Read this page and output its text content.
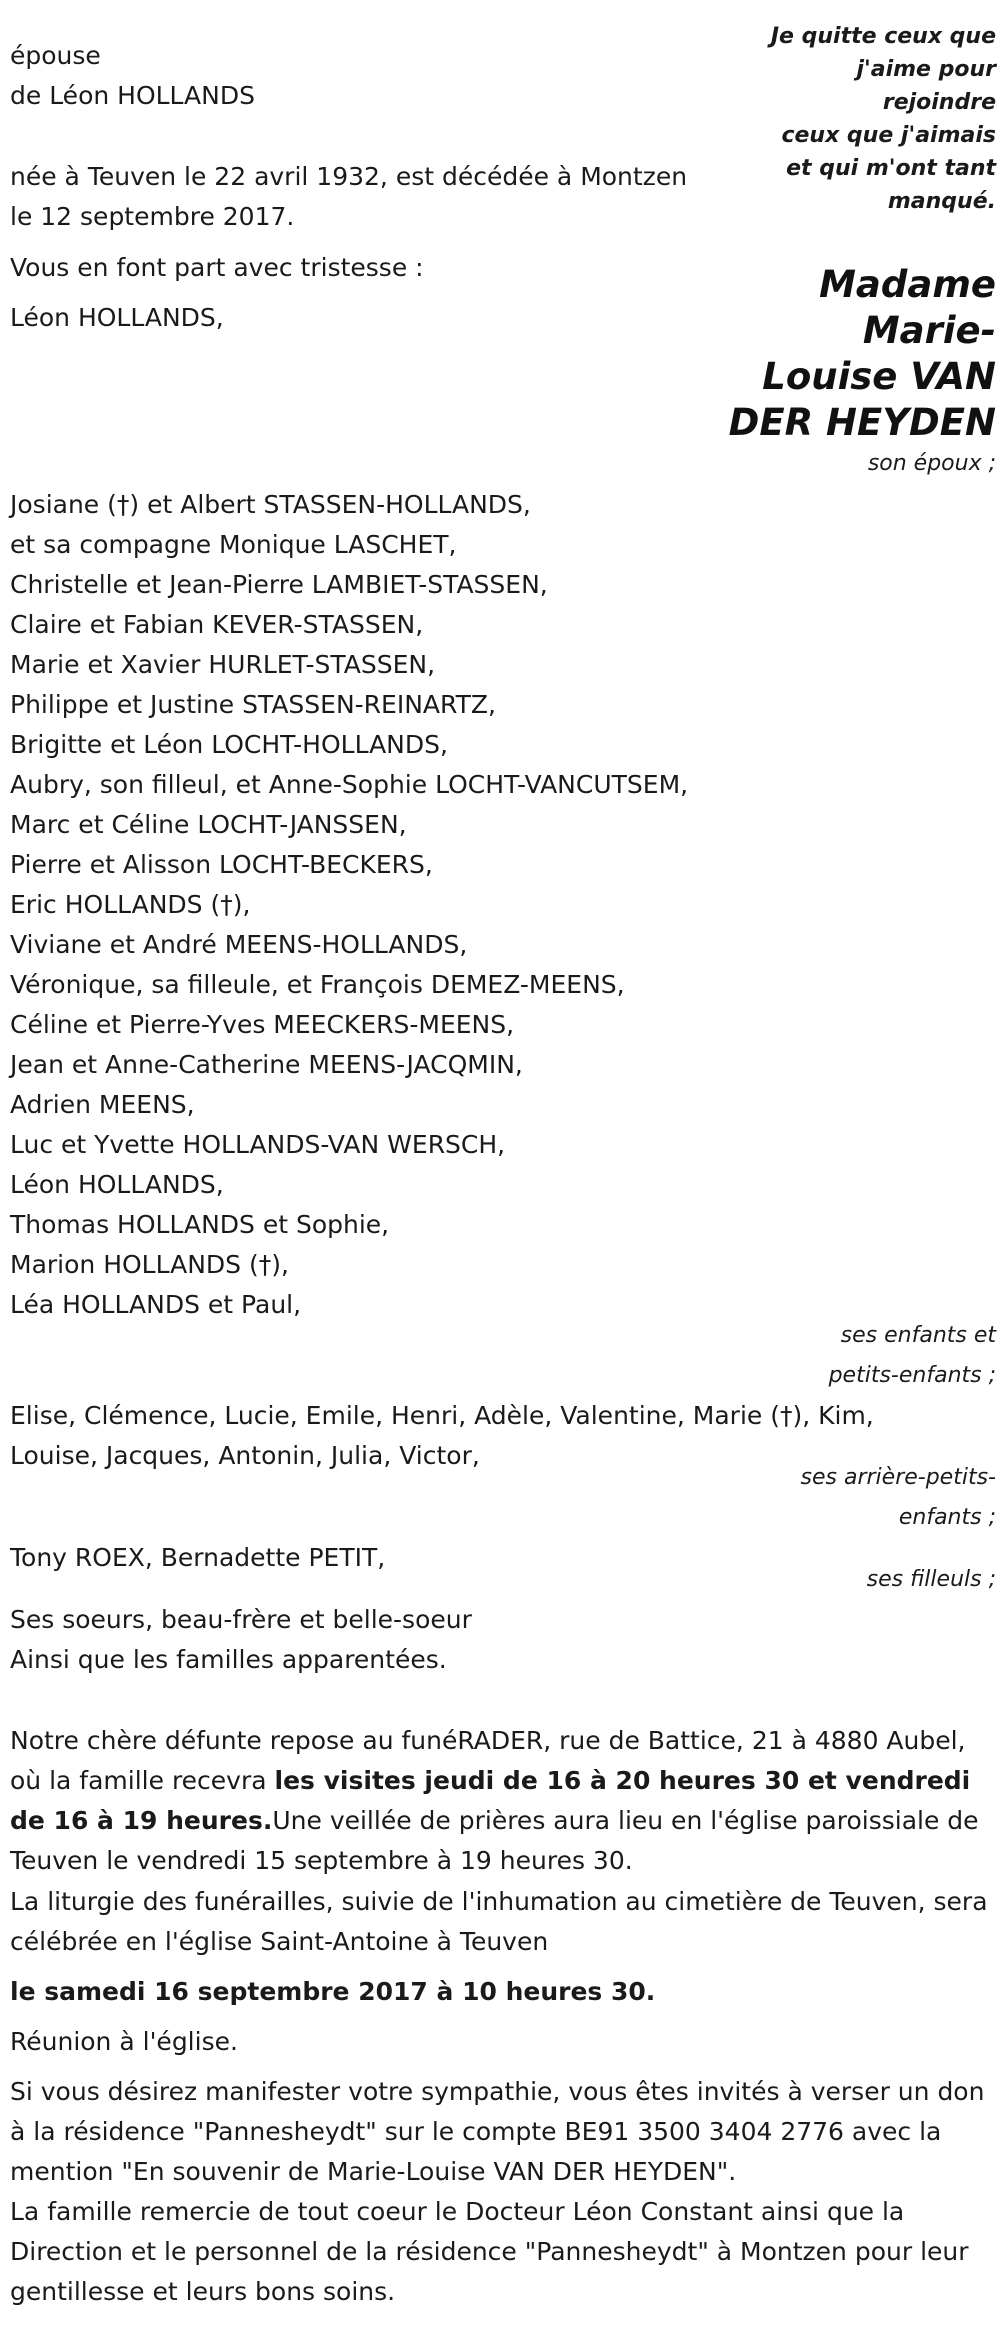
épouse

de Léon HOLLANDS

née à Teuven le 22 avril 1932, est décédée à Montzen

le 12 septembre 2017.

Vous en font part avec tristesse :

Léon HOLLANDS,

Je quitte ceux que
j'aime pour
rejoindre
ceux que j'aimais
et qui m'ont tant
manqué.
Madame
Marie-
Louise VAN
DER HEYDEN

son époux ;

Josiane (†) et Albert STASSEN-HOLLANDS,
et sa compagne Monique LASCHET,
Christelle et Jean-Pierre LAMBIET-STASSEN,
Claire et Fabian KEVER-STASSEN,
Marie et Xavier HURLET-STASSEN,
Philippe et Justine STASSEN-REINARTZ,
Brigitte et Léon LOCHT-HOLLANDS,
Aubry, son filleul, et Anne-Sophie LOCHT-VANCUTSEM,
Marc et Céline LOCHT-JANSSEN,
Pierre et Alisson LOCHT-BECKERS,
Eric HOLLANDS (†),
Viviane et André MEENS-HOLLANDS,
Véronique, sa filleule, et François DEMEZ-MEENS,
Céline et Pierre-Yves MEECKERS-MEENS,
Jean et Anne-Catherine MEENS-JACQMIN,
Adrien MEENS,
Luc et Yvette HOLLANDS-VAN WERSCH,
Léon HOLLANDS,
Thomas HOLLANDS et Sophie,
Marion HOLLANDS (†),
Léa HOLLANDS et Paul,

ses enfants et

petits-enfants ;

Elise, Clémence, Lucie, Emile, Henri, Adèle, Valentine, Marie (†), Kim,

Louise, Jacques, Antonin, Julia, Victor,

ses arrière-petits-

enfants ;

Tony ROEX, Bernadette PETIT,

ses filleuls ;

Ses soeurs, beau-frère et belle-soeur

Ainsi que les familles apparentées.

Notre chère défunte repose au funéRADER, rue de Battice, 21 à 4880 Aubel, où la famille recevra les visites jeudi de 16 à 20 heures 30 et vendredi de 16 à 19 heures.Une veillée de prières aura lieu en l'église paroissiale de Teuven le vendredi 15 septembre à 19 heures 30.

La liturgie des funérailles, suivie de l'inhumation au cimetière de Teuven, sera célébrée en l'église Saint-Antoine à Teuven

le samedi 16 septembre 2017 à 10 heures 30.

Réunion à l'église.

Si vous désirez manifester votre sympathie, vous êtes invités à verser un don à la résidence "Pannesheydt" sur le compte BE91 3500 3404 2776 avec la mention "En souvenir de Marie-Louise VAN DER HEYDEN".

La famille remercie de tout coeur le Docteur Léon Constant ainsi que la Direction et le personnel de la résidence "Pannesheydt" à Montzen pour leur gentillesse et leurs bons soins.
